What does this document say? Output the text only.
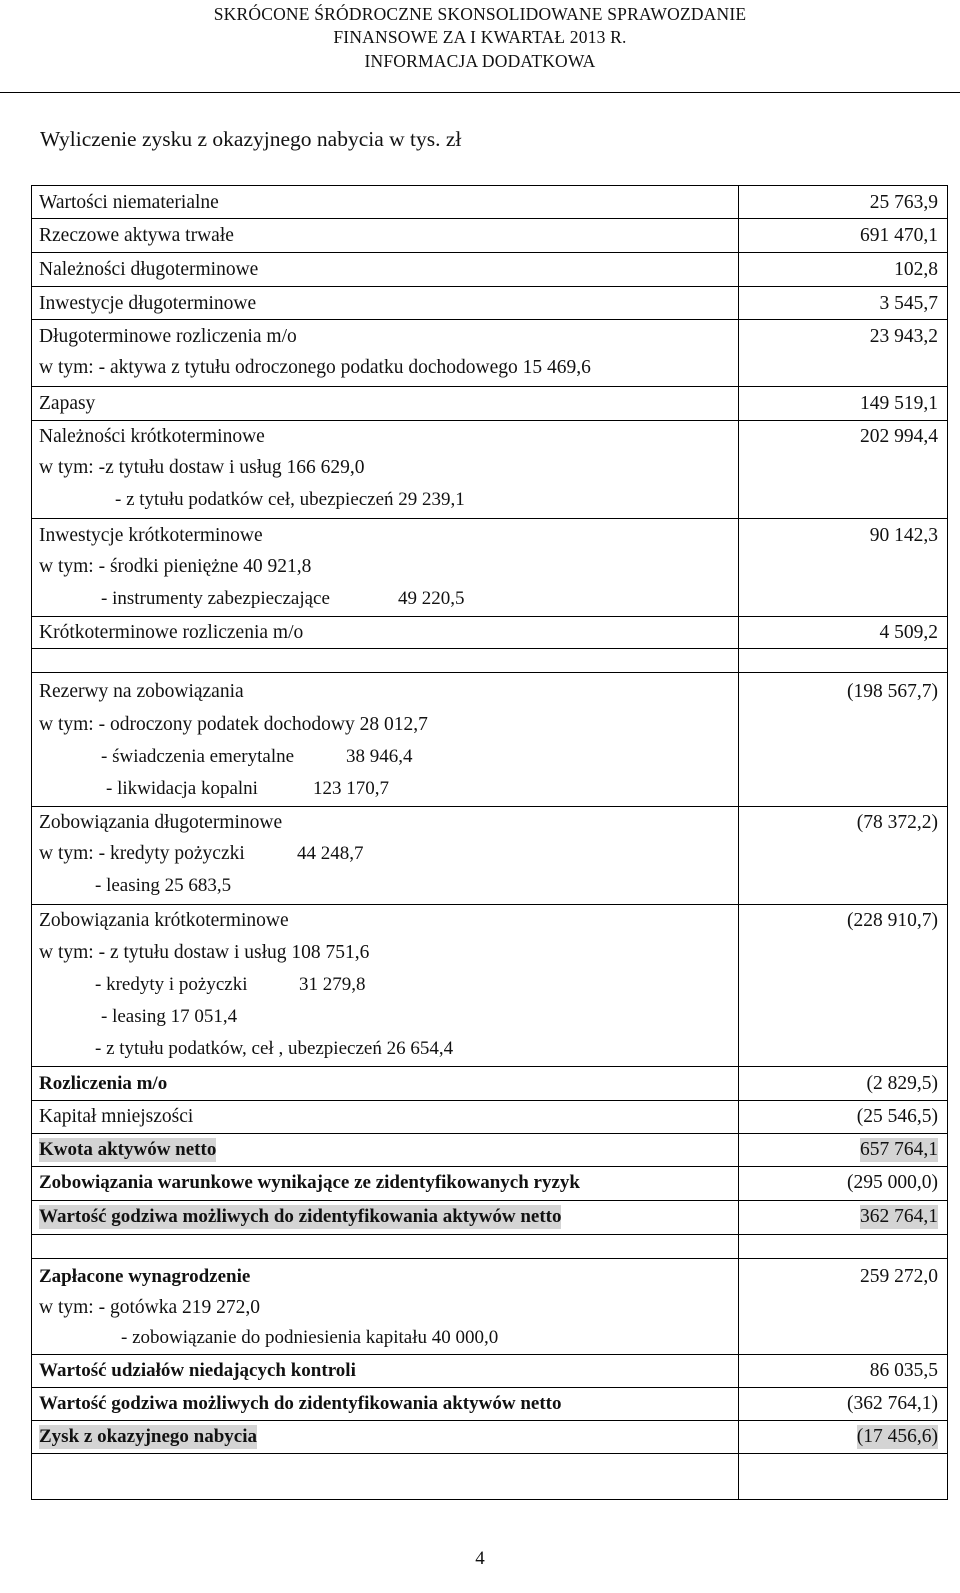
SKRÓCONE ŚRÓDROCZNE SKONSOLIDOWANE SPRAWOZDANIE
FINANSOWE ZA I KWARTAŁ 2013 R.
INFORMACJA DODATKOWA
Wyliczenie zysku z okazyjnego nabycia w tys. zł
Wartości niematerialne	25 763,9
Rzeczowe aktywa trwałe	691 470,1
Należności długoterminowe	102,8
Inwestycje długoterminowe	3 545,7
Długoterminowe rozliczenia m/o	23 943,2
w tym: - aktywa z tytułu odroczonego podatku dochodowego 15 469,6
Zapasy	149 519,1
Należności krótkoterminowe	202 994,4
w tym: -z tytułu dostaw i usług 166 629,0
- z tytułu podatków ceł, ubezpieczeń 29 239,1
Inwestycje krótkoterminowe	90 142,3
w tym: - środki pieniężne 40 921,8
- instrumenty zabezpieczające	49 220,5
Krótkoterminowe rozliczenia m/o	4 509,2
Rezerwy na zobowiązania	(198 567,7)
w tym: - odroczony podatek dochodowy 28 012,7
- świadczenia emerytalne	38 946,4
- likwidacja kopalni	123 170,7
Zobowiązania długoterminowe	(78 372,2)
w tym: - kredyty pożyczki	44 248,7
- leasing 25 683,5
Zobowiązania krótkoterminowe	(228 910,7)
w tym: - z tytułu dostaw i usług 108 751,6
- kredyty i pożyczki	31 279,8
- leasing 17 051,4
- z tytułu podatków, ceł , ubezpieczeń 26 654,4
Rozliczenia m/o	(2 829,5)
Kapitał mniejszości	(25 546,5)
Kwota aktywów netto	657 764,1
Zobowiązania warunkowe wynikające ze zidentyfikowanych ryzyk	(295 000,0)
Wartość godziwa możliwych do zidentyfikowania aktywów netto	362 764,1
Zapłacone wynagrodzenie	259 272,0
w tym: - gotówka 219 272,0
- zobowiązanie do podniesienia kapitału 40 000,0
Wartość udziałów niedających kontroli	86 035,5
Wartość godziwa możliwych do zidentyfikowania aktywów netto	(362 764,1)
Zysk z okazyjnego nabycia	(17 456,6)
4
